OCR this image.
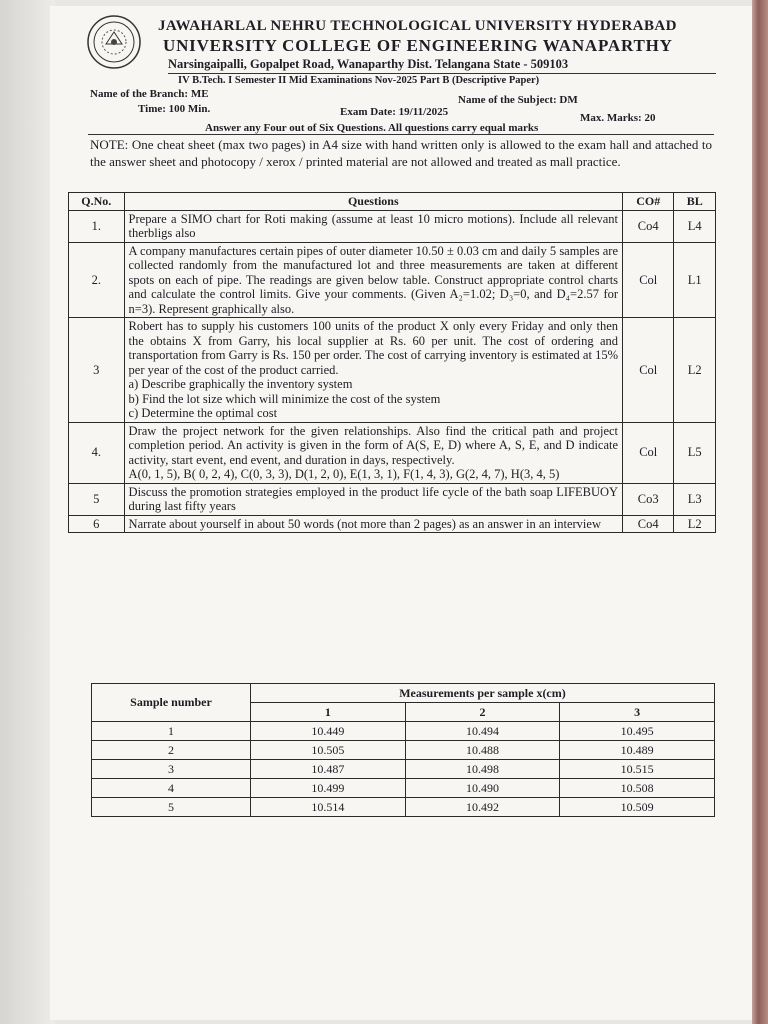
JAWAHARLAL NEHRU TECHNOLOGICAL UNIVERSITY HYDERABAD
UNIVERSITY COLLEGE OF ENGINEERING WANAPARTHY
Narsingaipalli, Gopalpet Road, Wanaparthy Dist. Telangana State - 509103
IV B.Tech. I Semester II Mid Examinations Nov-2025 Part B (Descriptive Paper)
Name of the Branch: ME	Name of the Subject: DM
Time: 100 Min.	Exam Date: 19/11/2025	Max. Marks: 20
Answer any Four out of Six Questions. All questions carry equal marks
NOTE: One cheat sheet (max two pages) in A4 size with hand written only is allowed to the exam hall and attached to the answer sheet and photocopy / xerox / printed material are not allowed and treated as mall practice.
Q.No.	Questions	CO#	BL
1.	Prepare a SIMO chart for Roti making (assume at least 10 micro motions). Include all relevant therbligs also	Co4	L4
2.	A company manufactures certain pipes of outer diameter 10.50 ± 0.03 cm and daily 5 samples are collected randomly from the manufactured lot and three measurements are taken at different spots on each of pipe. The readings are given below table. Construct appropriate control charts and calculate the control limits. Give your comments. (Given A₂=1.02; D₃=0, and D₄=2.57 for n=3). Represent graphically also.	Col	L1
3	Robert has to supply his customers 100 units of the product X only every Friday and only then the obtains X from Garry, his local supplier at Rs. 60 per unit. The cost of ordering and transportation from Garry is Rs. 150 per order. The cost of carrying inventory is estimated at 15% per year of the cost of the product carried.
a) Describe graphically the inventory system
b) Find the lot size which will minimize the cost of the system
c) Determine the optimal cost	Col	L2
4.	Draw the project network for the given relationships. Also find the critical path and project completion period. An activity is given in the form of A(S, E, D) where A, S, E, and D indicate activity, start event, end event, and duration in days, respectively.
A(0, 1, 5), B( 0, 2, 4), C(0, 3, 3), D(1, 2, 0), E(1, 3, 1), F(1, 4, 3), G(2, 4, 7), H(3, 4, 5)	Col	L5
5	Discuss the promotion strategies employed in the product life cycle of the bath soap LIFEBUOY during last fifty years	Co3	L3
6	Narrate about yourself in about 50 words (not more than 2 pages) as an answer in an interview	Co4	L2
Sample number	Measurements per sample x(cm)		
	1	2	3
1	10.449	10.494	10.495
2	10.505	10.488	10.489
3	10.487	10.498	10.515
4	10.499	10.490	10.508
5	10.514	10.492	10.509
